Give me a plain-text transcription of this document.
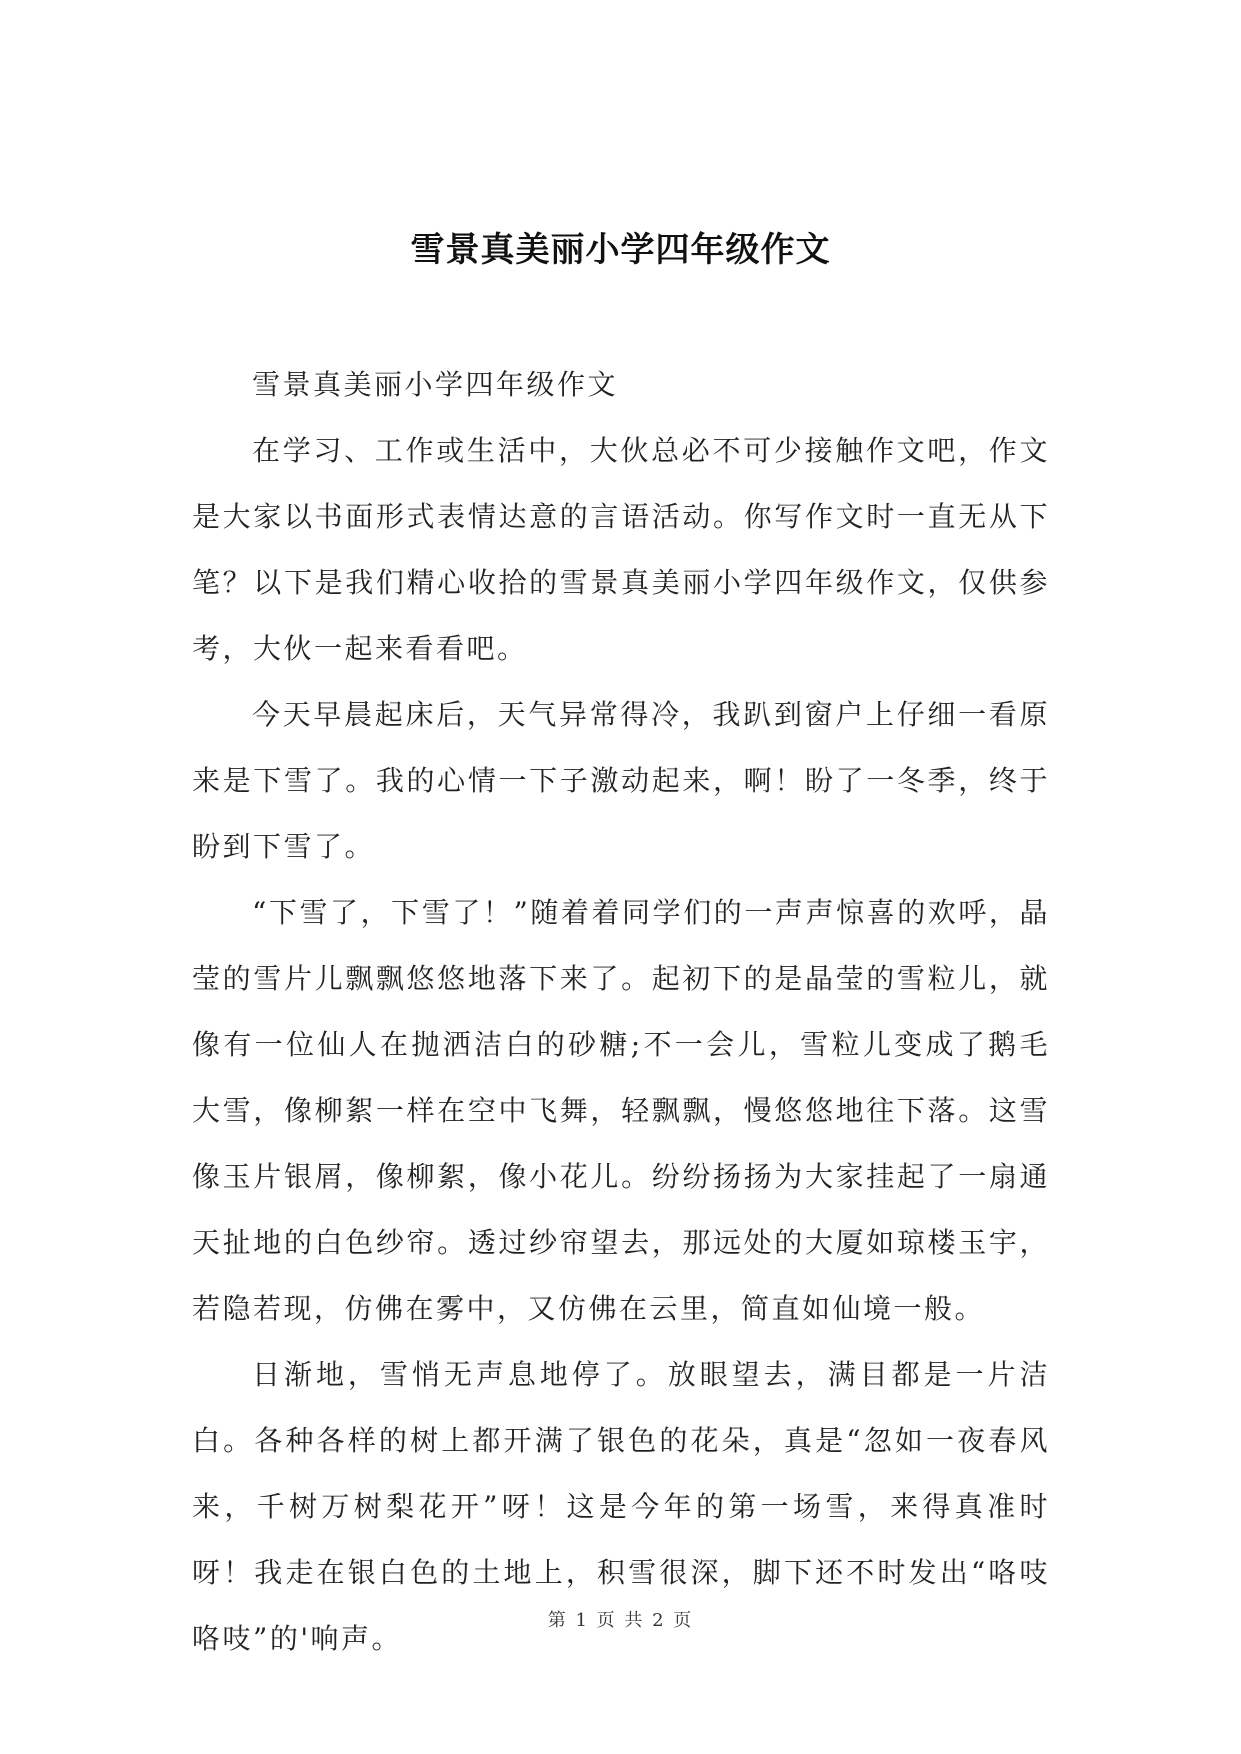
雪景真美丽小学四年级作文

雪景真美丽小学四年级作文

在学习、工作或生活中，大伙总必不可少接触作文吧，作文是大家以书面形式表情达意的言语活动。你写作文时一直无从下笔？以下是我们精心收拾的雪景真美丽小学四年级作文，仅供参考，大伙一起来看看吧。

今天早晨起床后，天气异常得冷，我趴到窗户上仔细一看原来是下雪了。我的心情一下子激动起来，啊！盼了一冬季，终于盼到下雪了。

“下雪了，下雪了！”随着着同学们的一声声惊喜的欢呼，晶莹的雪片儿飘飘悠悠地落下来了。起初下的是晶莹的雪粒儿，就像有一位仙人在抛洒洁白的砂糖;不一会儿，雪粒儿变成了鹅毛大雪，像柳絮一样在空中飞舞，轻飘飘，慢悠悠地往下落。这雪像玉片银屑，像柳絮，像小花儿。纷纷扬扬为大家挂起了一扇通天扯地的白色纱帘。透过纱帘望去，那远处的大厦如琼楼玉宇，若隐若现，仿佛在雾中，又仿佛在云里，简直如仙境一般。

日渐地，雪悄无声息地停了。放眼望去，满目都是一片洁白。各种各样的树上都开满了银色的花朵，真是“忽如一夜春风来，千树万树梨花开”呀！这是今年的第一场雪，来得真准时呀！我走在银白色的土地上，积雪很深，脚下还不时发出“咯吱咯吱”的'响声。

第 1 页 共 2 页
